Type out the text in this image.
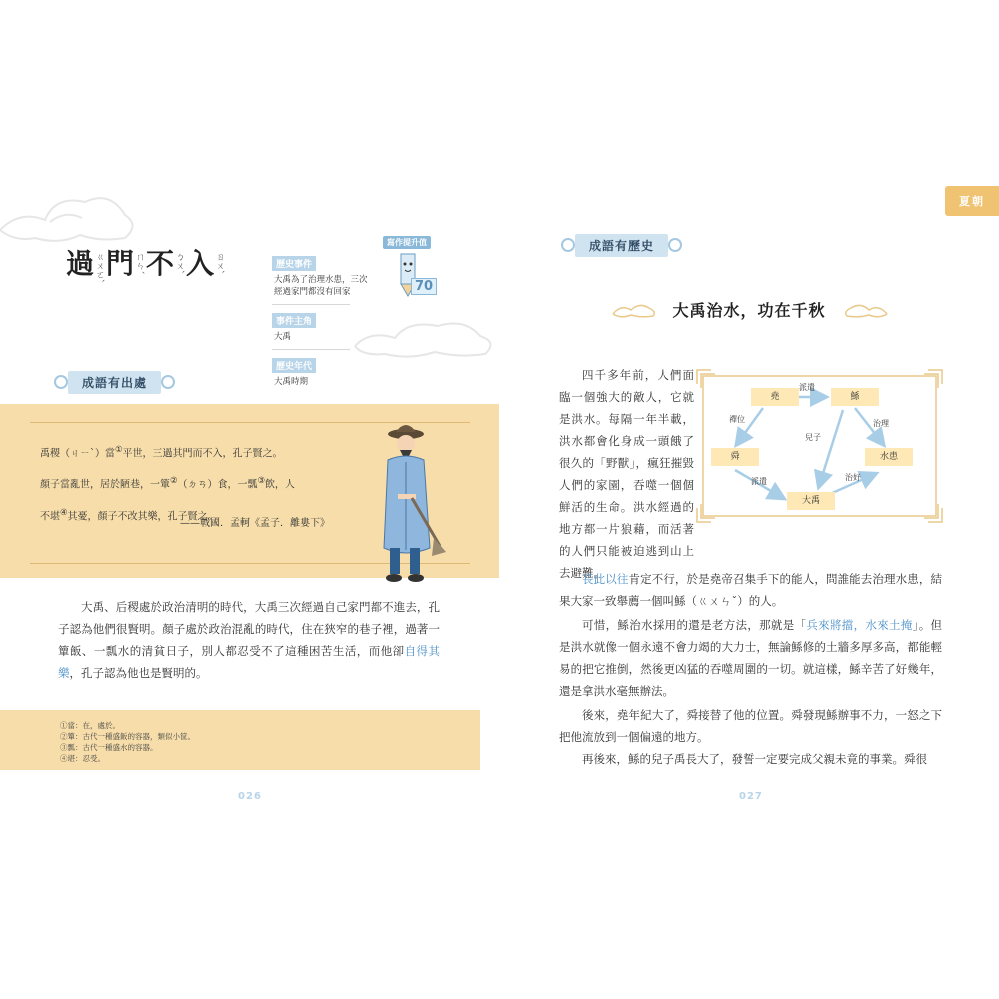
過 ㄍㄨㄛˋ 門 ㄇㄣˊ 不 ㄅㄨˋ 入 ㄖㄨˋ	歷史事件

大禹為了治理水患，三次經過家門都沒有回家

事件主角

大禹

歷史年代

大禹時期

寫作提升值
70
成語有出處
禹稷（ㄐㄧˋ）當①平世，三過其門而不入，孔子賢之。
顏子當亂世，居於陋巷，一簞②（ㄉㄢ）食，一瓢③飲，人
不堪④其憂，顏子不改其樂，孔子賢之。
——戰國．孟軻《孟子．離婁下》

大禹、后稷處於政治清明的時代，大禹三次經過自己家門都不進去，孔子認為他們很賢明。顏子處於政治混亂的時代，住在狹窄的巷子裡，過著一簞飯、一瓢水的清貧日子，別人都忍受不了這種困苦生活，而他卻自得其樂，孔子認為他也是賢明的。

①當：在，處於。
②簞：古代一種盛飯的容器，類似小筐。
③瓢：古代一種盛水的容器。
④堪：忍受。
026
夏朝
成語有歷史
大禹治水，功在千秋

四千多年前，人們面臨一個強大的敵人，它就是洪水。每隔一年半載，洪水都會化身成一頭餓了很久的「野獸」，瘋狂摧毀人們的家園，吞噬一個個鮮活的生命。洪水經過的地方都一片狼藉，而活著的人們只能被迫逃到山上去避難。

長此以往肯定不行，於是堯帝召集手下的能人，問誰能去治理水患，結果大家一致舉薦一個叫鯀（ㄍㄨㄣˇ）的人。

可惜，鯀治水採用的還是老方法，那就是「兵來將擋，水來土掩」。但是洪水就像一個永遠不會力竭的大力士，無論鯀修的土牆多厚多高，都能輕易的把它推倒，然後更凶猛的吞噬周圍的一切。就這樣，鯀辛苦了好幾年，還是拿洪水毫無辦法。

後來，堯年紀大了，舜接替了他的位置。舜發現鯀辦事不力，一怒之下把他流放到一個偏遠的地方。

再後來，鯀的兒子禹長大了，發誓一定要完成父親未竟的事業。舜很

堯	鯀
舜	水患
大禹
派遣
治理
禪位
兒子
派遣	治好
027
